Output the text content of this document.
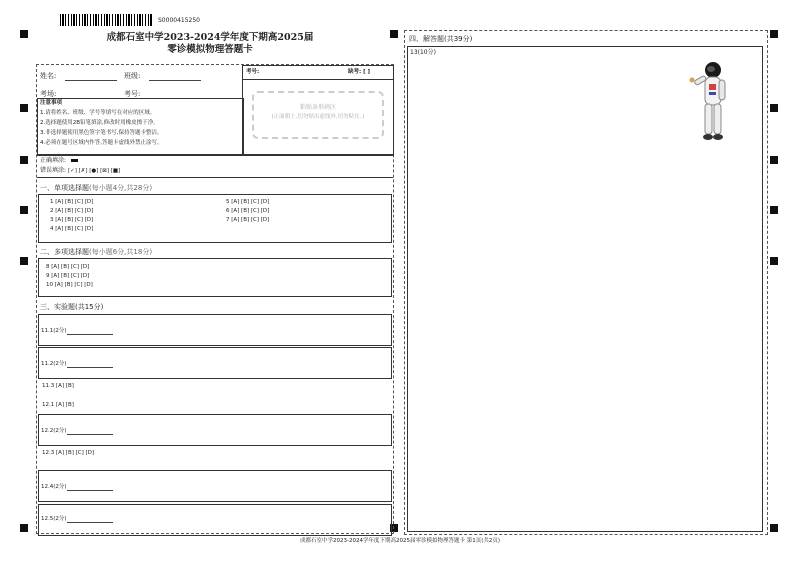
S0000415250
成都石室中学2023-2024学年度下期高2025届
零诊模拟物理答题卡
姓名:	班级:
考场:	考号:
考号:	缺考: [ ]
粘贴条形码区
(正面朝上,切勿贴出虚线外,切勿粘住。)
注意事项
1.请将姓名、班级、学号等填写在对应的区域。
2.选择题使用2B铅笔填涂,修改时用橡皮擦干净。
3.非选择题使用黑色签字笔书写,保持答题卡整洁。
4.必须在题号区域内作答,答题卡虚线外禁止涂写。
正确填涂:
错误填涂: [✓] [✗] [●] [⊠] [■]
一、单项选择题(每小题4分,共28分)
1 [A] [B] [C] [D]
2 [A] [B] [C] [D]
3 [A] [B] [C] [D]
4 [A] [B] [C] [D]
5 [A] [B] [C] [D]
6 [A] [B] [C] [D]
7 [A] [B] [C] [D]
二、多项选择题(每小题6分,共18分)
8 [A] [B] [C] [D]
9 [A] [B] [C] [D]
10 [A] [B] [C] [D]
三、实验题(共15分)
11.1(2分)
11.2(2分)
11.3 [A] [B]
12.1 [A] [B]
12.2(2分)
12.3 [A] [B] [C] [D]
12.4(2分)
12.5(2分)
四、解答题(共39分)
13(10分)
成都石室中学2023-2024学年度下期高2025届零诊模拟物理答题卡 第1页(共2页)
